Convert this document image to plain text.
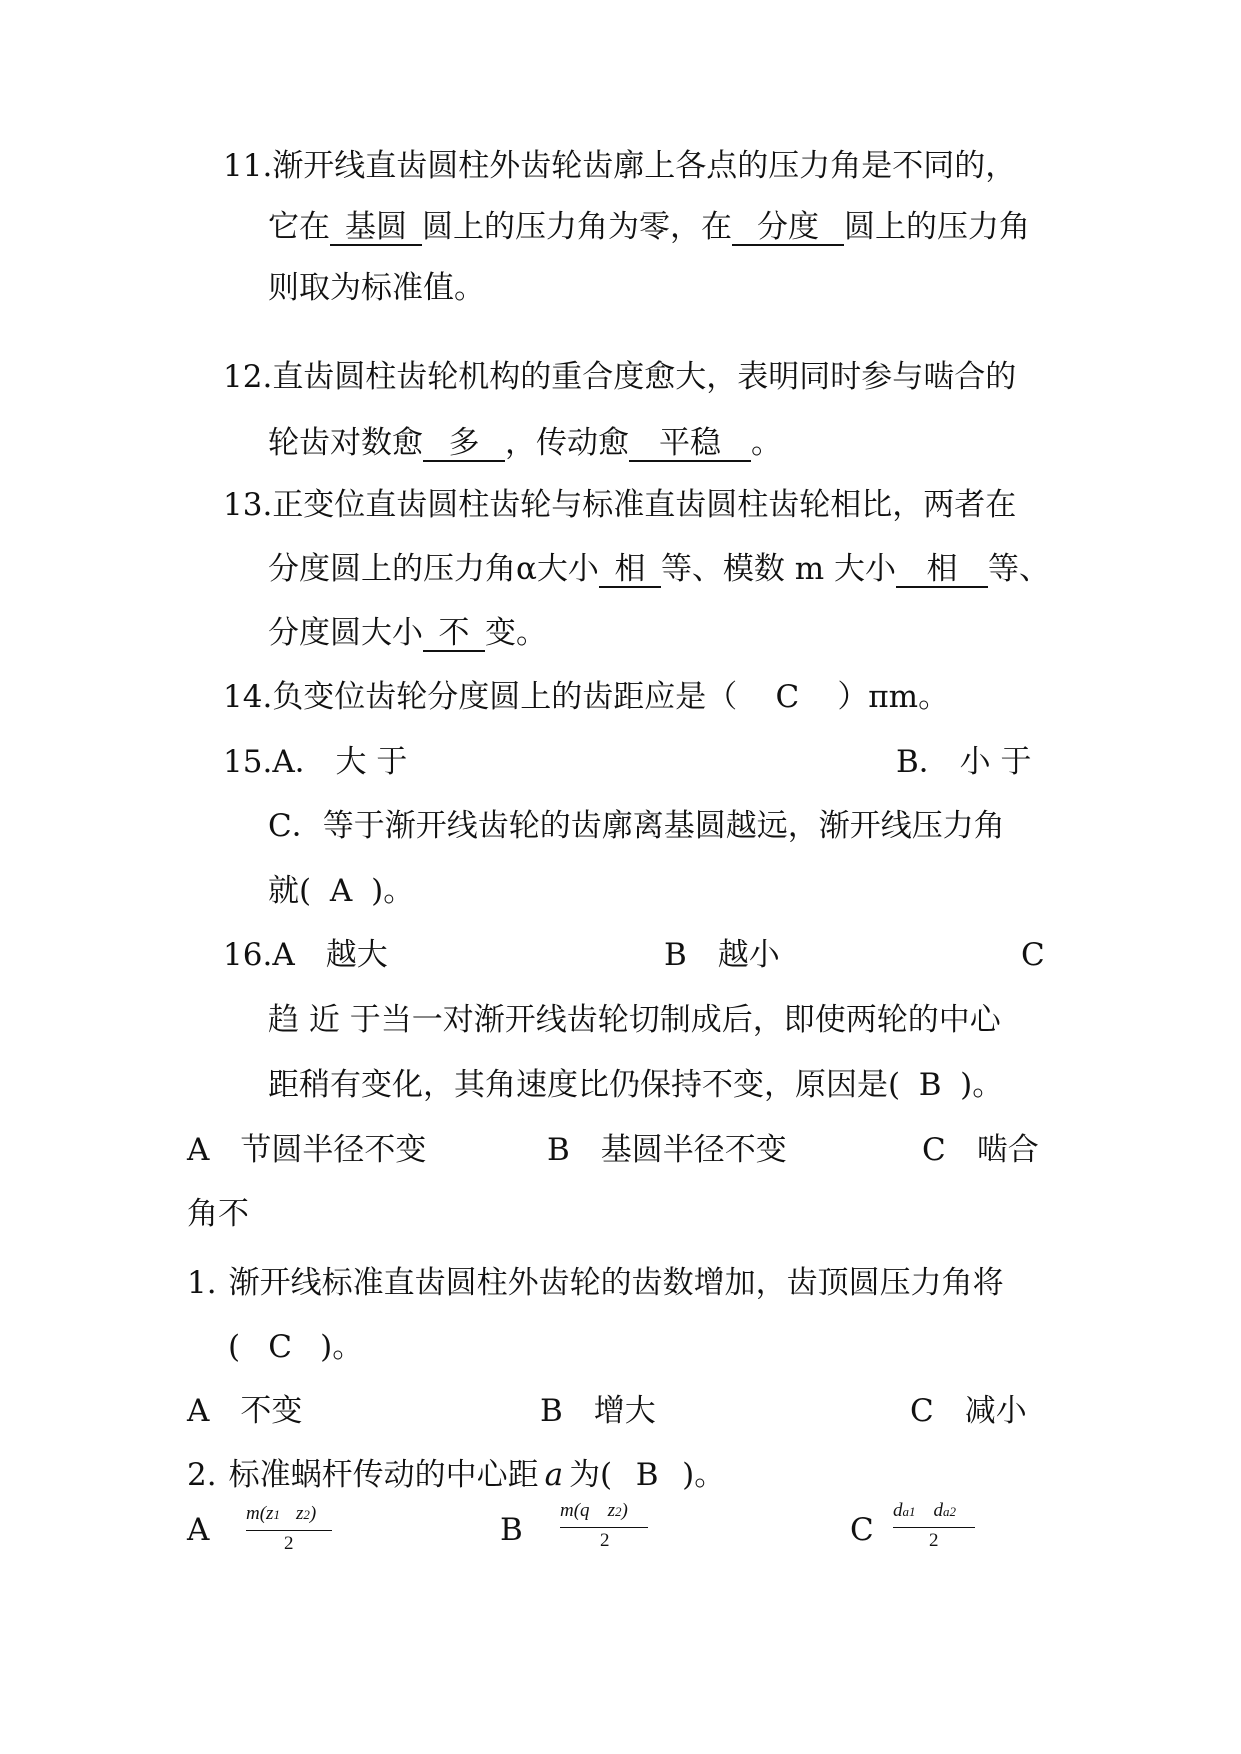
11.渐开线直齿圆柱外齿轮齿廓上各点的压力角是不同的，
它在 基圆 圆上的压力角为零，在 分度 圆上的压力角
则取为标准值。
12.直齿圆柱齿轮机构的重合度愈大，表明同时参与啮合的
轮齿对数愈 多 ，传动愈 平稳 。
13.正变位直齿圆柱齿轮与标准直齿圆柱齿轮相比，两者在
分度圆上的压力角α大小 相 等、模数 m 大小 相 等、
分度圆大小 不 变。
14.负变位齿轮分度圆上的齿距应是（ C ）πm。
15.A． 大 于	B． 小 于
C．等于渐开线齿轮的齿廓离基圆越远，渐开线压力角
就( A )。
16.A　越大	B　越小	C
趋 近 于当一对渐开线齿轮切制成后，即使两轮的中心
距稍有变化，其角速度比仍保持不变，原因是( B )。
A　节圆半径不变	B　基圆半径不变	C　啮合
角不
1. 渐开线标准直齿圆柱外齿轮的齿数增加，齿顶圆压力角将
( C )。
A　不变	B　增大	C　减小
2. 标准蜗杆传动的中心距 a 为( B )。
A m(z1 z2)
2	B
m(q z2)
2	C
da1 da2
2
